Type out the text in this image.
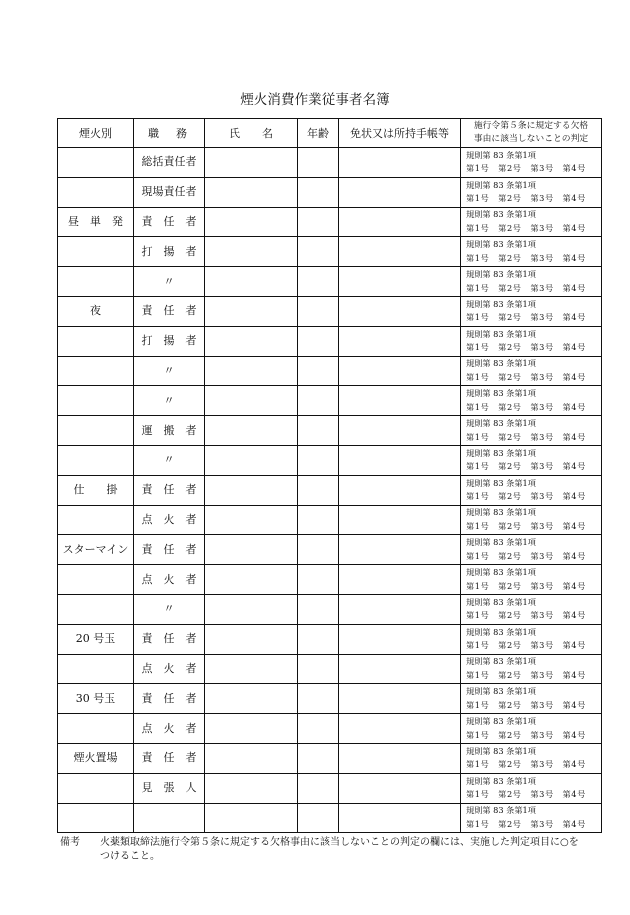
煙火消費作業従事者名簿
煙火別	職　務	氏　　名	年齢	免状又は所持手帳等	施行令第５条に規定する欠格
事由に該当しないことの判定

	総括責任者				規則第 83 条第1項
第1号　第2号　第3号　第4号

	現場責任者				規則第 83 条第1項
第1号　第2号　第3号　第4号

昼　単　発	責　任　者				規則第 83 条第1項
第1号　第2号　第3号　第4号

	打　揚　者				規則第 83 条第1項
第1号　第2号　第3号　第4号

	〃				規則第 83 条第1項
第1号　第2号　第3号　第4号

夜	責　任　者				規則第 83 条第1項
第1号　第2号　第3号　第4号

	打　揚　者				規則第 83 条第1項
第1号　第2号　第3号　第4号

	〃				規則第 83 条第1項
第1号　第2号　第3号　第4号

	〃				規則第 83 条第1項
第1号　第2号　第3号　第4号

	運　搬　者				規則第 83 条第1項
第1号　第2号　第3号　第4号

	〃				規則第 83 条第1項
第1号　第2号　第3号　第4号

仕　　掛	責　任　者				規則第 83 条第1項
第1号　第2号　第3号　第4号

	点　火　者				規則第 83 条第1項
第1号　第2号　第3号　第4号

スターマイン	責　任　者				規則第 83 条第1項
第1号　第2号　第3号　第4号

	点　火　者				規則第 83 条第1項
第1号　第2号　第3号　第4号

	〃				規則第 83 条第1項
第1号　第2号　第3号　第4号

20 号玉	責　任　者				規則第 83 条第1項
第1号　第2号　第3号　第4号

	点　火　者				規則第 83 条第1項
第1号　第2号　第3号　第4号

30 号玉	責　任　者				規則第 83 条第1項
第1号　第2号　第3号　第4号

	点　火　者				規則第 83 条第1項
第1号　第2号　第3号　第4号

煙火置場	責　任　者				規則第 83 条第1項
第1号　第2号　第3号　第4号

	見　張　人				規則第 83 条第1項
第1号　第2号　第3号　第4号

					規則第 83 条第1項
第1号　第2号　第3号　第4号
備考 火薬類取締法施行令第５条に規定する欠格事由に該当しないことの判定の欄には、実施した判定項目に○を
つけること。
